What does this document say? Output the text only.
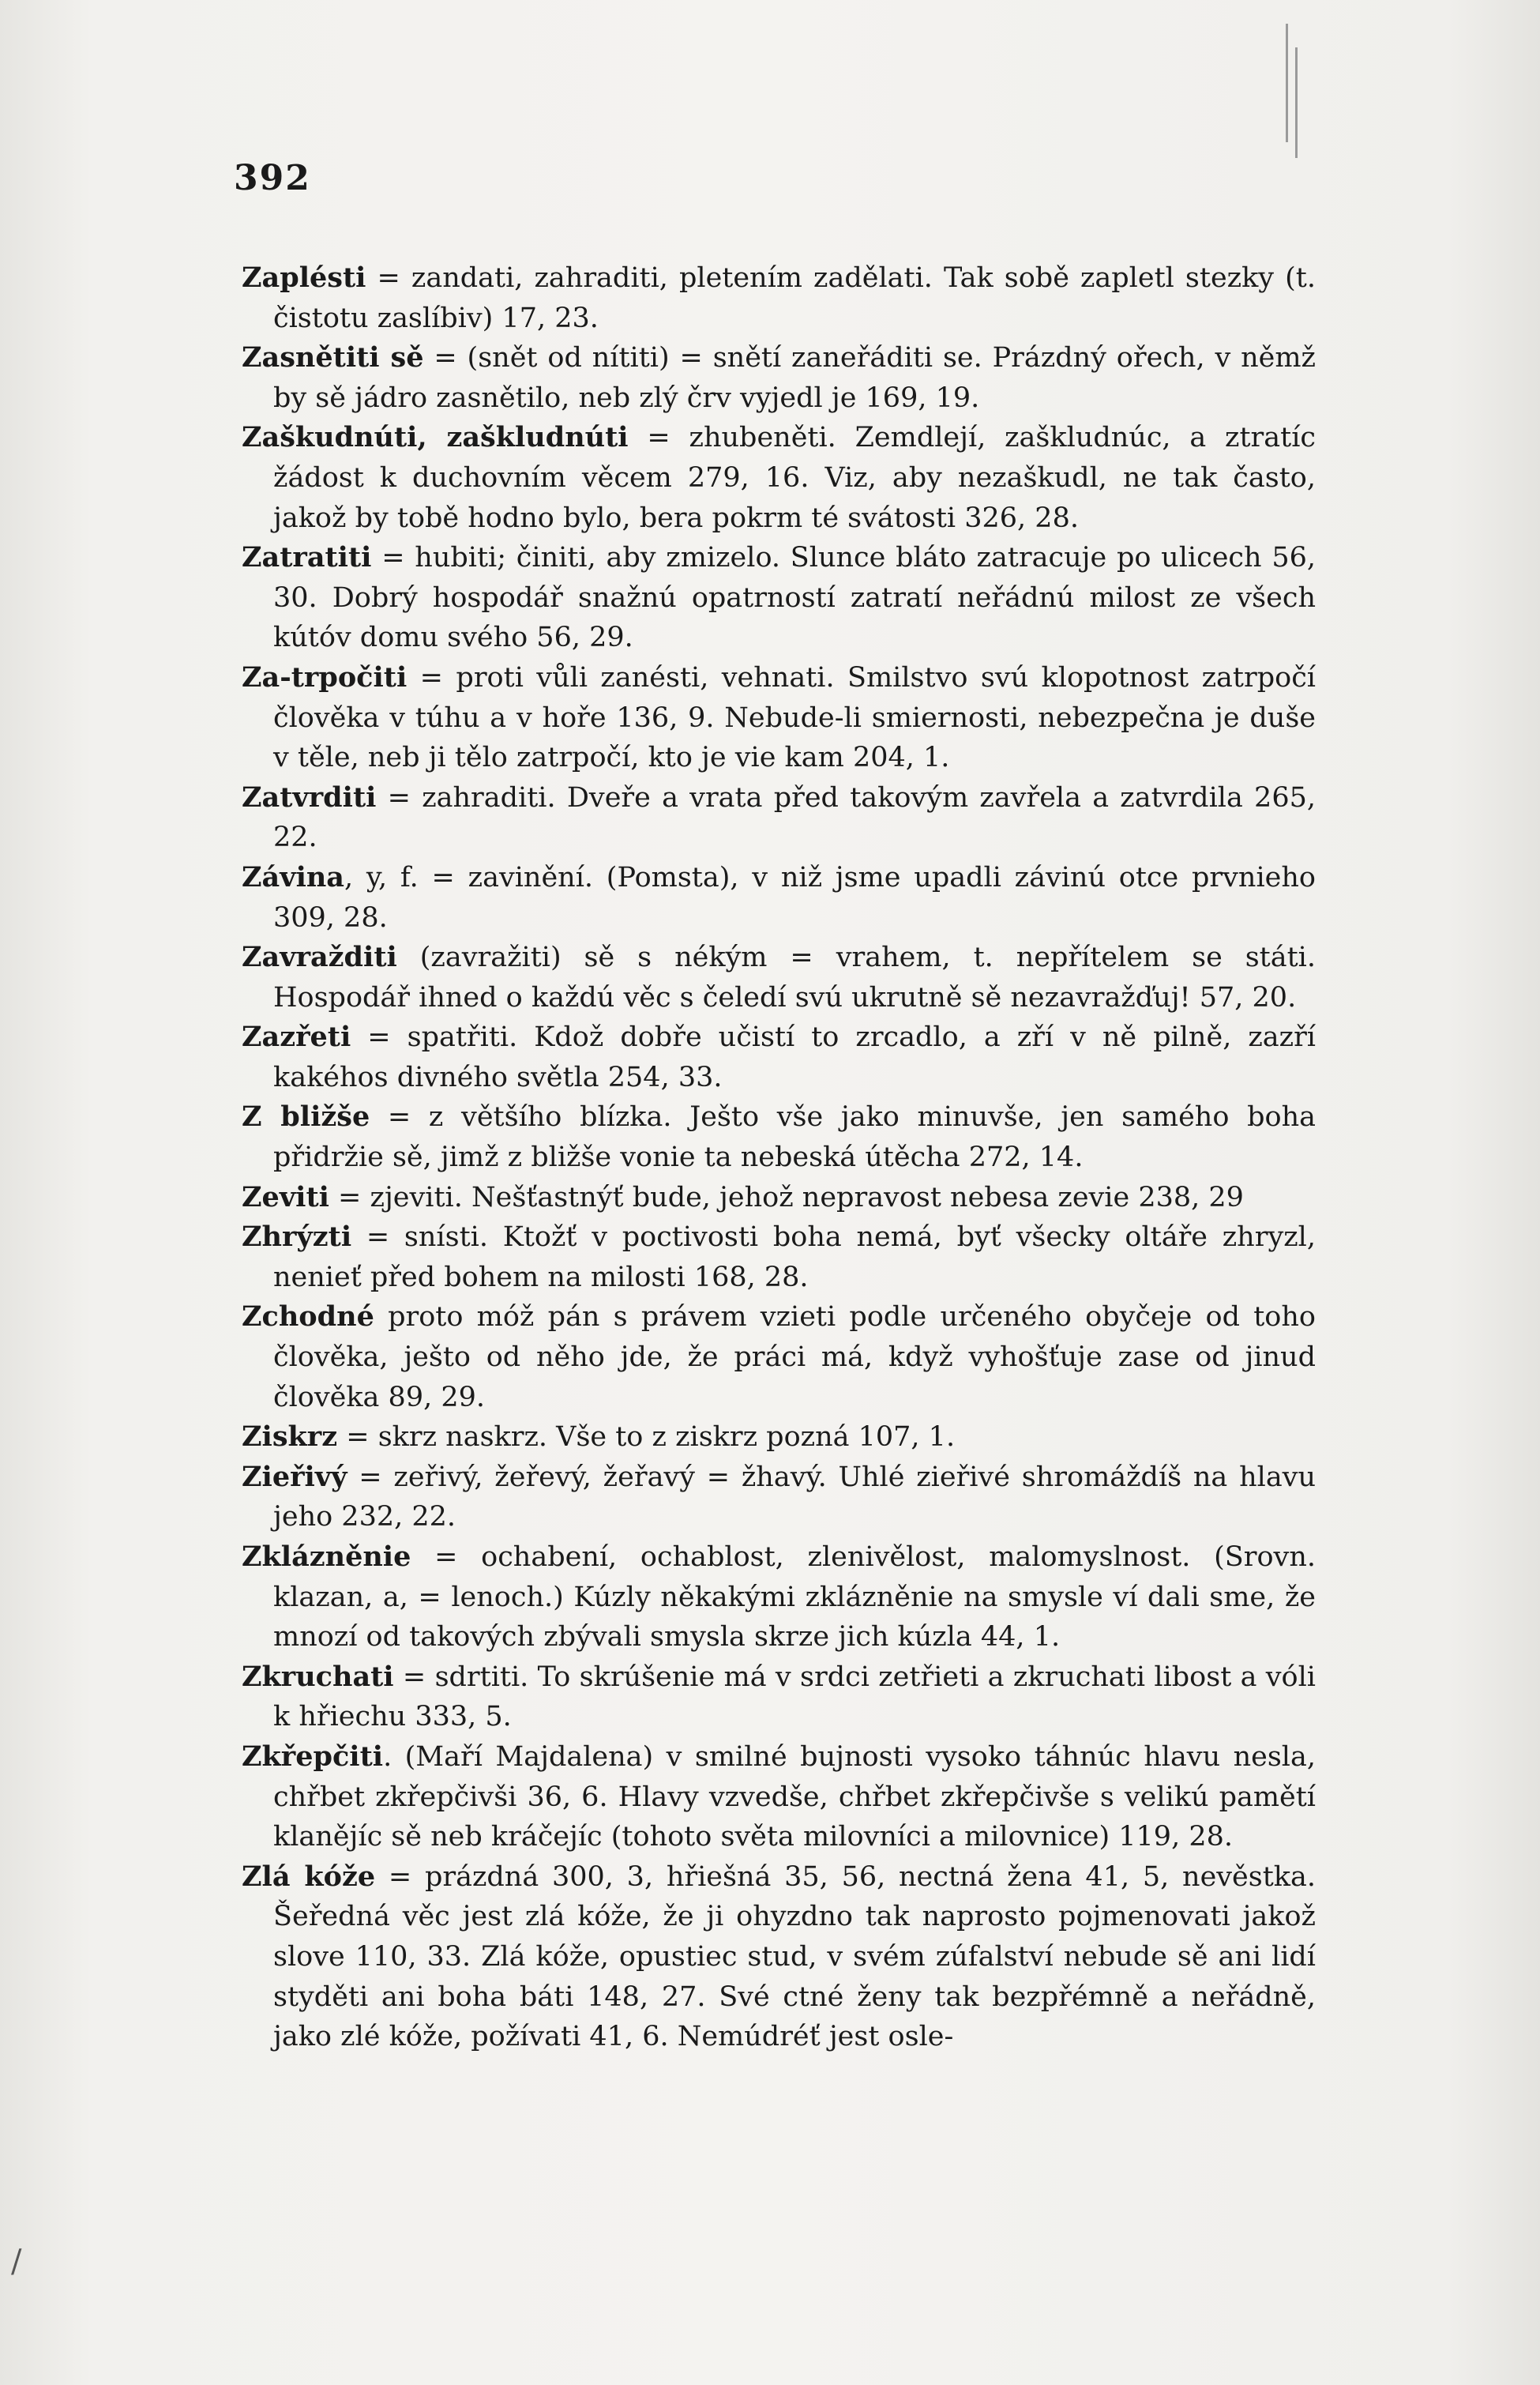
392

Zaplésti = zandati, zahraditi, pletením zadělati. Tak sobě zapletl stezky (t. čistotu zaslíbiv) 17, 23.

Zasnětiti sě = (snět od nítiti) = snětí zaneřáditi se. Prázdný ořech, v němž by sě jádro zasnětilo, neb zlý črv vyjedl je 169, 19.

Zaškudnúti, zaškludnúti = zhubeněti. Zemdlejí, zaškludnúc, a ztratíc žádost k duchovním věcem 279, 16. Viz, aby nezaškudl, ne tak často, jakož by tobě hodno bylo, bera pokrm té svátosti 326, 28.

Zatratiti = hubiti; činiti, aby zmizelo. Slunce bláto zatracuje po ulicech 56, 30. Dobrý hospodář snažnú opatrností zatratí neřádnú milost ze všech kútóv domu svého 56, 29.

Za-trpočiti = proti vůli zanésti, vehnati. Smilstvo svú klopotnost zatrpočí člověka v túhu a v hoře 136, 9. Nebude-li smiernosti, nebezpečna je duše v těle, neb ji tělo zatrpočí, kto je vie kam 204, 1.

Zatvrditi = zahraditi. Dveře a vrata před takovým zavřela a zatvrdila 265, 22.

Závina, y, f. = zavinění. (Pomsta), v niž jsme upadli závinú otce prvnieho 309, 28.

Zavražditi (zavražiti) sě s nékým = vrahem, t. nepřítelem se státi. Hospodář ihned o každú věc s čeledí svú ukrutně sě nezavražďuj! 57, 20.

Zazřeti = spatřiti. Kdož dobře učistí to zrcadlo, a zří v ně pilně, zazří kakéhos divného světla 254, 33.

Z bližše = z většího blízka. Ješto vše jako minuvše, jen samého boha přidržie sě, jimž z bližše vonie ta nebeská útěcha 272, 14.

Zeviti = zjeviti. Nešťastnýť bude, jehož nepravost nebesa zevie 238, 29

Zhrýzti = snísti. Ktožť v poctivosti boha nemá, byť všecky oltáře zhryzl, nenieť před bohem na milosti 168, 28.

Zchodné proto móž pán s právem vzieti podle určeného obyčeje od toho člověka, ješto od něho jde, že práci má, když vyhošťuje zase od jinud člověka 89, 29.

Ziskrz = skrz naskrz. Vše to z ziskrz pozná 107, 1.

Zieřivý = zeřivý, žeřevý, žeřavý = žhavý. Uhlé zieřivé shromáždíš na hlavu jeho 232, 22.

Zklázněnie = ochabení, ochablost, zlenivělost, malomyslnost. (Srovn. klazan, a, = lenoch.) Kúzly někakými zklázněnie na smysle ví dali sme, že mnozí od takových zbývali smysla skrze jich kúzla 44, 1.

Zkruchati = sdrtiti. To skrúšenie má v srdci zetřieti a zkruchati libost a vóli k hřiechu 333, 5.

Zkřepčiti. (Maří Majdalena) v smilné bujnosti vysoko táhnúc hlavu nesla, chřbet zkřepčivši 36, 6. Hlavy vzvedše, chřbet zkřepčivše s velikú pamětí klanějíc sě neb kráčejíc (tohoto světa milovníci a milovnice) 119, 28.

Zlá kóže = prázdná 300, 3, hřiešná 35, 56, nectná žena 41, 5, nevěstka. Šeředná věc jest zlá kóže, že ji ohyzdno tak naprosto pojmenovati jakož slove 110, 33. Zlá kóže, opustiec stud, v svém zúfalství nebude sě ani lidí styděti ani boha báti 148, 27. Své ctné ženy tak bezpřémně a neřádně, jako zlé kóže, požívati 41, 6. Nemúdréť jest osle-

/
